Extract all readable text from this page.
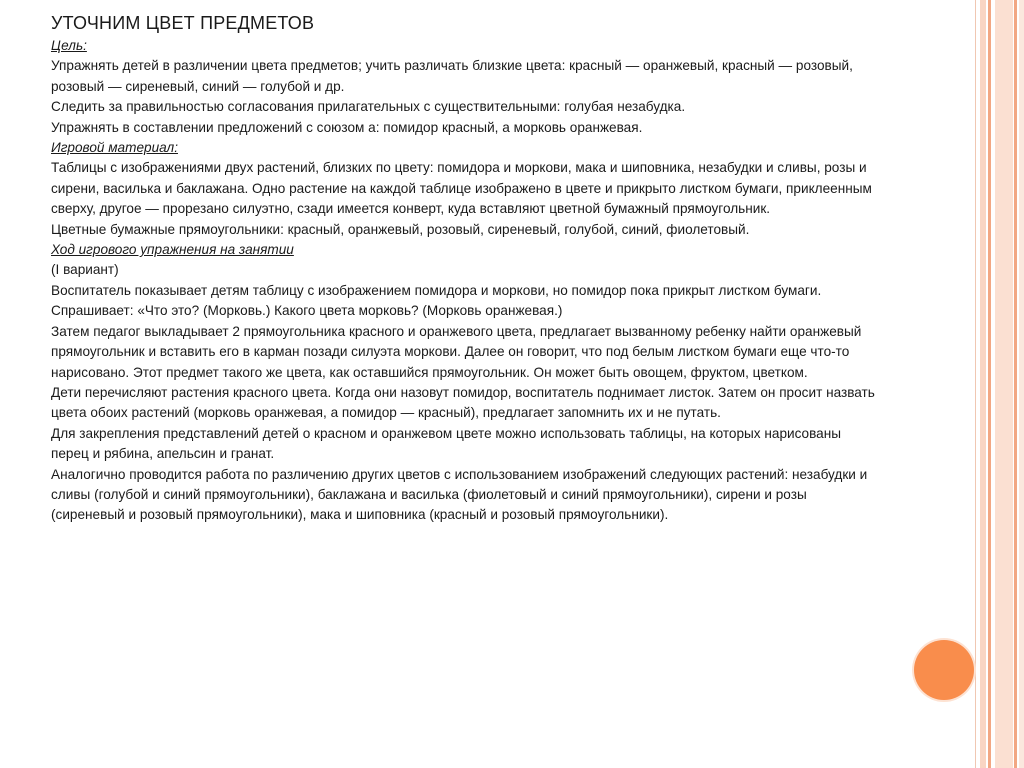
УТОЧНИМ ЦВЕТ ПРЕДМЕТОВ

Цель:

Упражнять детей в различении цвета предметов; учить различать близкие цвета: красный — оранжевый, красный — розовый, розовый — сиреневый, синий — голубой и др.

Следить за правильностью согласования прилагательных с существительными: голубая незабудка.

Упражнять в составлении предложений с союзом а: помидор красный, а морковь оранжевая.

Игровой материал:

Таблицы с изображениями двух растений, близких по цвету: помидора и моркови, мака и шиповника, незабудки и сливы, розы и сирени, василька и баклажана. Одно растение на каждой таблице изображено в цвете и прикрыто листком бумаги, приклеенным сверху, другое — прорезано силуэтно, сзади имеется конверт, куда вставляют цветной бумажный прямоугольник.

Цветные бумажные прямоугольники: красный, оранжевый, розовый, сиреневый, голубой, синий, фиолетовый.

Ход игрового упражнения на занятии

(I вариант)

Воспитатель показывает детям таблицу с изображением помидора и моркови, но помидор пока прикрыт листком бумаги. Спрашивает: «Что это? (Морковь.) Какого цвета морковь? (Морковь оранжевая.)

Затем педагог выкладывает 2 прямоугольника красного и оранжевого цвета, предлагает вызванному ребенку найти оранжевый прямоугольник и вставить его в карман позади силуэта моркови. Далее он говорит, что под белым листком бумаги еще что-то нарисовано. Этот предмет такого же цвета, как оставшийся прямоугольник. Он может быть овощем, фруктом, цветком.

Дети перечисляют растения красного цвета. Когда они назовут помидор, воспитатель поднимает листок. Затем он просит назвать цвета обоих растений (морковь оранжевая, а помидор — красный), предлагает запомнить их и не путать.

Для закрепления представлений детей о красном и оранжевом цвете можно использовать таблицы, на которых нарисованы перец и рябина, апельсин и гранат.

Аналогично проводится работа по различению других цветов с использованием изображений следующих растений: незабудки и сливы (голубой и синий прямоугольники), баклажана и василька (фиолетовый и синий прямоугольники), сирени и розы (сиреневый и розовый прямоугольники), мака и шиповника (красный и розовый прямоугольники).
